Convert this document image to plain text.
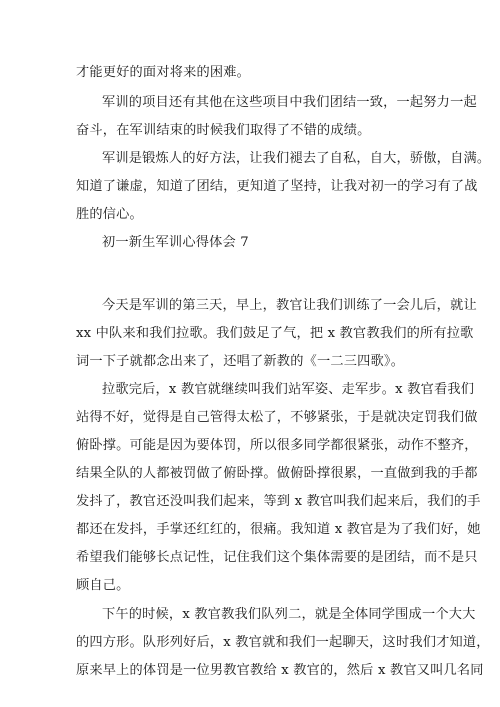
才能更好的面对将来的困难。

军训的项目还有其他在这些项目中我们团结一致，一起努力一起
奋斗，在军训结束的时候我们取得了不错的成绩。

军训是锻炼人的好方法，让我们褪去了自私，自大，骄傲，自满。
知道了谦虚，知道了团结，更知道了坚持，让我对初一的学习有了战
胜的信心。

初一新生军训心得体会 7

今天是军训的第三天，早上，教官让我们训练了一会儿后，就让
xx 中队来和我们拉歌。我们鼓足了气，把 x 教官教我们的所有拉歌
词一下子就都念出来了，还唱了新教的《一二三四歌》。

拉歌完后，x 教官就继续叫我们站军姿、走军步。x 教官看我们
站得不好，觉得是自己管得太松了，不够紧张，于是就决定罚我们做
俯卧撑。可能是因为要体罚，所以很多同学都很紧张，动作不整齐，
结果全队的人都被罚做了俯卧撑。做俯卧撑很累，一直做到我的手都
发抖了，教官还没叫我们起来，等到 x 教官叫我们起来后，我们的手
都还在发抖，手掌还红红的，很痛。我知道 x 教官是为了我们好，她
希望我们能够长点记性，记住我们这个集体需要的是团结，而不是只
顾自己。

下午的时候，x 教官教我们队列二，就是全体同学围成一个大大
的四方形。队形列好后，x 教官就和我们一起聊天，这时我们才知道，
原来早上的体罚是一位男教官教给 x 教官的，然后 x 教官又叫几名同
